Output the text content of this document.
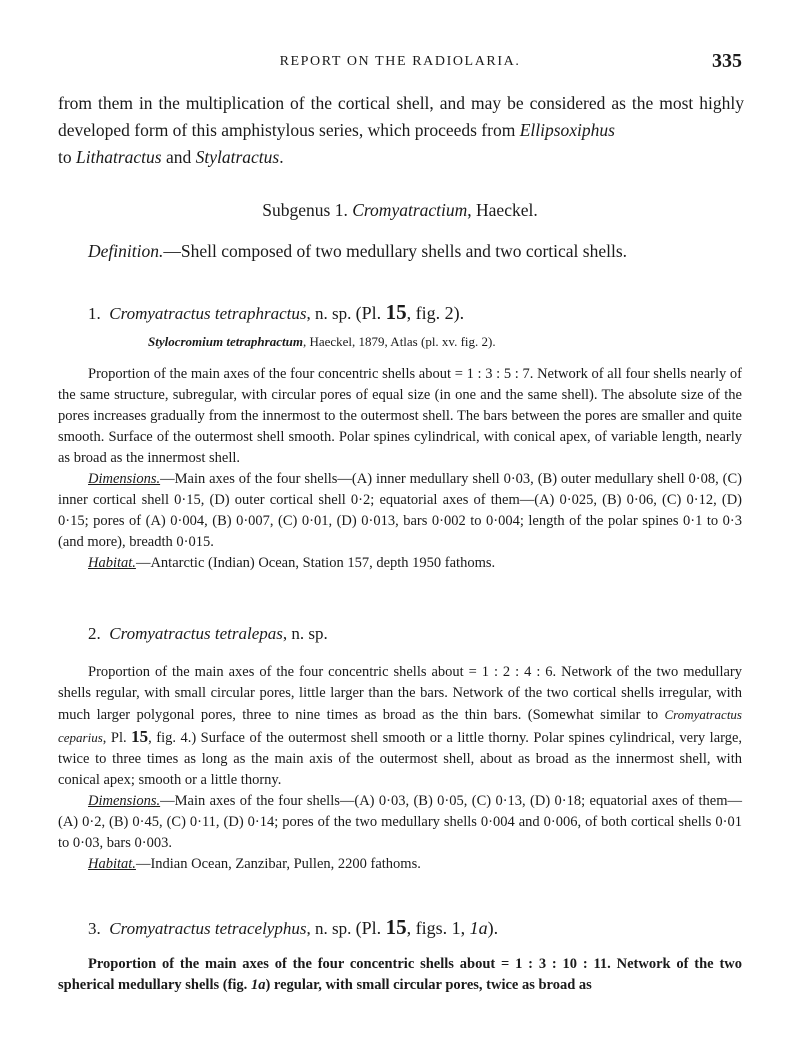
REPORT ON THE RADIOLARIA.	335
from them in the multiplication of the cortical shell, and may be considered as the most highly developed form of this amphistylous series, which proceeds from Ellipsoxiphus
to Lithatractus and Stylatractus.
Subgenus 1. Cromyatractium, Haeckel.
Definition.—Shell composed of two medullary shells and two cortical shells.
1. Cromyatractus tetraphractus, n. sp. (Pl. 15, fig. 2).
Stylocromium tetraphractum, Haeckel, 1879, Atlas (pl. xv. fig. 2).

Proportion of the main axes of the four concentric shells about = 1 : 3 : 5 : 7. Network of all four shells nearly of the same structure, subregular, with circular pores of equal size (in one and the same shell). The absolute size of the pores increases gradually from the innermost to the outermost shell. The bars between the pores are smaller and quite smooth. Surface of the outermost shell smooth. Polar spines cylindrical, with conical apex, of variable length, nearly as broad as the innermost shell.

Dimensions.—Main axes of the four shells—(A) inner medullary shell 0·03, (B) outer medullary shell 0·08, (C) inner cortical shell 0·15, (D) outer cortical shell 0·2; equatorial axes of them—(A) 0·025, (B) 0·06, (C) 0·12, (D) 0·15; pores of (A) 0·004, (B) 0·007, (C) 0·01, (D) 0·013, bars 0·002 to 0·004; length of the polar spines 0·1 to 0·3 (and more), breadth 0·015.

Habitat.—Antarctic (Indian) Ocean, Station 157, depth 1950 fathoms.

2. Cromyatractus tetralepas, n. sp.

Proportion of the main axes of the four concentric shells about = 1 : 2 : 4 : 6. Network of the two medullary shells regular, with small circular pores, little larger than the bars. Network of the two cortical shells irregular, with much larger polygonal pores, three to nine times as broad as the thin bars. (Somewhat similar to Cromyatractus ceparius, Pl. 15, fig. 4.) Surface of the outermost shell smooth or a little thorny. Polar spines cylindrical, very large, twice to three times as long as the main axis of the outermost shell, about as broad as the innermost shell, with conical apex; smooth or a little thorny.

Dimensions.—Main axes of the four shells—(A) 0·03, (B) 0·05, (C) 0·13, (D) 0·18; equatorial axes of them—(A) 0·2, (B) 0·45, (C) 0·11, (D) 0·14; pores of the two medullary shells 0·004 and 0·006, of both cortical shells 0·01 to 0·03, bars 0·003.

Habitat.—Indian Ocean, Zanzibar, Pullen, 2200 fathoms.

3. Cromyatractus tetracelyphus, n. sp. (Pl. 15, figs. 1, 1a).

Proportion of the main axes of the four concentric shells about = 1 : 3 : 10 : 11. Network of the two spherical medullary shells (fig. 1a) regular, with small circular pores, twice as broad as
